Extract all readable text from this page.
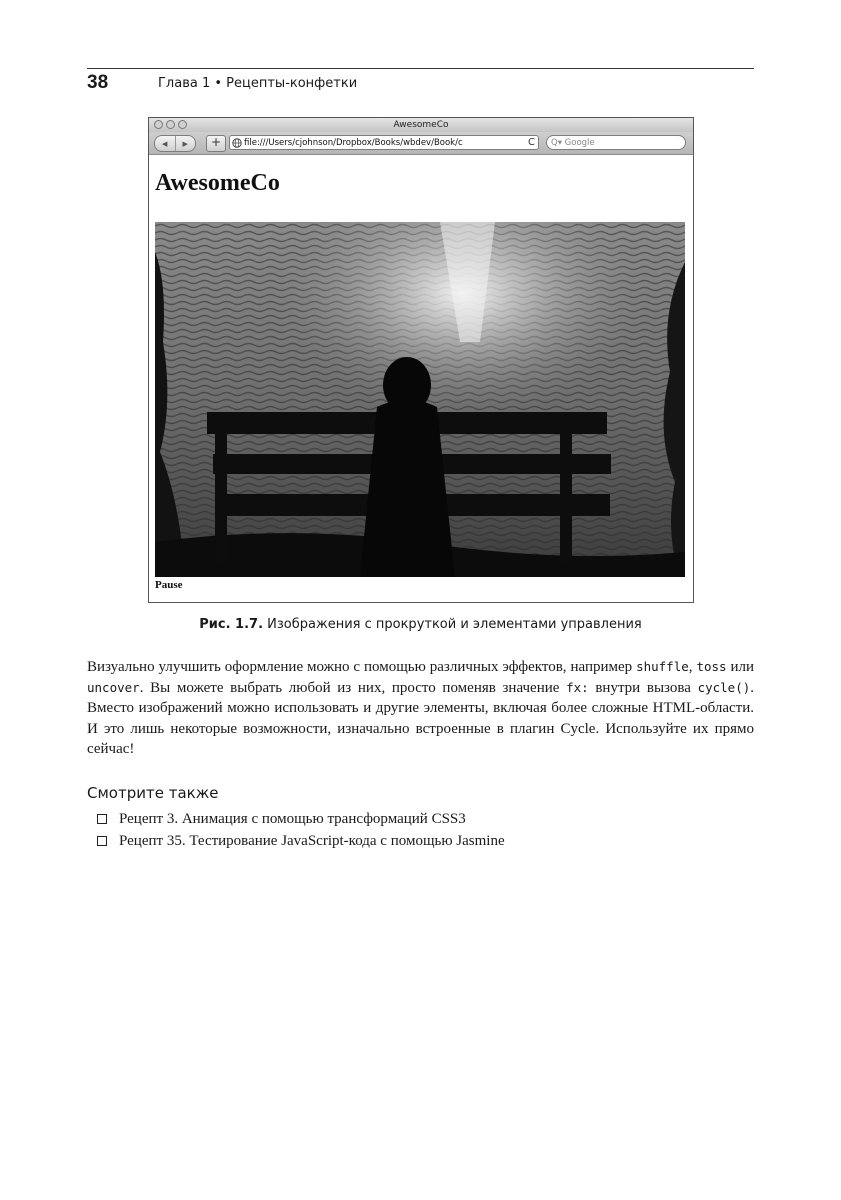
38	Глава 1 • Рецепты-конфетки
AwesomeCo
◀	▶	+	file:///Users/cjohnson/Dropbox/Books/wbdev/Book/c	C	Q▾ Google
AwesomeCo
Pause
Рис. 1.7. Изображения с прокруткой и элементами управления

Визуально улучшить оформление можно с помощью различных эффектов, например shuffle, toss или uncover. Вы можете выбрать любой из них, просто поменяв значение fx: внутри вызова cycle(). Вместо изображений можно использовать и другие элементы, включая более сложные HTML-области. И это лишь некоторые возможности, изначально встроенные в плагин Cycle. Используйте их прямо сейчас!

Смотрите также
Рецепт 3. Анимация с помощью трансформаций CSS3
Рецепт 35. Тестирование JavaScript-кода с помощью Jasmine
